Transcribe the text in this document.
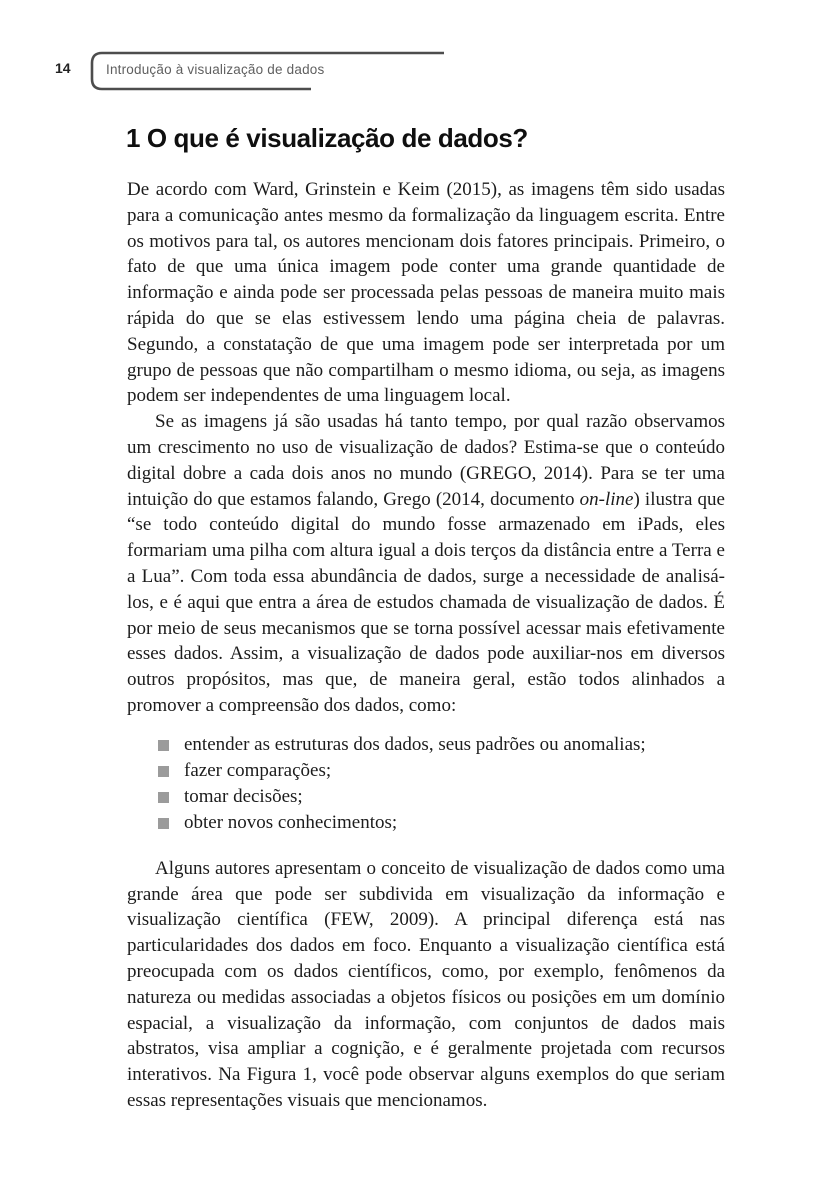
14	Introdução à visualização de dados
1 O que é visualização de dados?

De acordo com Ward, Grinstein e Keim (2015), as imagens têm sido usadas para a comunicação antes mesmo da formalização da linguagem escrita. Entre os motivos para tal, os autores mencionam dois fatores principais. Primeiro, o fato de que uma única imagem pode conter uma grande quantidade de informação e ainda pode ser processada pelas pessoas de maneira muito mais rápida do que se elas estivessem lendo uma página cheia de palavras. Segundo, a constatação de que uma imagem pode ser interpretada por um grupo de pessoas que não compartilham o mesmo idioma, ou seja, as imagens podem ser independentes de uma linguagem local.

Se as imagens já são usadas há tanto tempo, por qual razão observamos um crescimento no uso de visualização de dados? Estima-se que o conteúdo digital dobre a cada dois anos no mundo (GREGO, 2014). Para se ter uma intuição do que estamos falando, Grego (2014, documento on-line) ilustra que “se todo conteúdo digital do mundo fosse armazenado em iPads, eles formariam uma pilha com altura igual a dois terços da distância entre a Terra e a Lua”. Com toda essa abundância de dados, surge a necessidade de analisá-los, e é aqui que entra a área de estudos chamada de visualização de dados. É por meio de seus mecanismos que se torna possível acessar mais efetivamente esses dados. Assim, a visualização de dados pode auxiliar-nos em diversos outros propósitos, mas que, de maneira geral, estão todos alinhados a promover a compreensão dos dados, como:

entender as estruturas dos dados, seus padrões ou anomalias;
fazer comparações;
tomar decisões;
obter novos conhecimentos;

Alguns autores apresentam o conceito de visualização de dados como uma grande área que pode ser subdivida em visualização da informação e visualização científica (FEW, 2009). A principal diferença está nas particularidades dos dados em foco. Enquanto a visualização científica está preocupada com os dados científicos, como, por exemplo, fenômenos da natureza ou medidas associadas a objetos físicos ou posições em um domínio espacial, a visualização da informação, com conjuntos de dados mais abstratos, visa ampliar a cognição, e é geralmente projetada com recursos interativos. Na Figura 1, você pode observar alguns exemplos do que seriam essas representações visuais que mencionamos.
